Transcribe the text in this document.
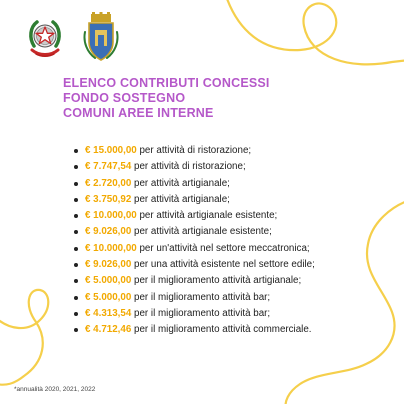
ELENCO CONTRIBUTI CONCESSI
FONDO SOSTEGNO
COMUNI AREE INTERNE
€ 15.000,00 per attività di ristorazione;
€ 7.747,54 per attività di ristorazione;
€ 2.720,00 per attività artigianale;
€ 3.750,92 per attività artigianale;
€ 10.000,00 per attività artigianale esistente;
€ 9.026,00 per attività artigianale esistente;
€ 10.000,00 per un'attività nel settore meccatronica;
€ 9.026,00 per una attività esistente nel settore edile;
€ 5.000,00 per il miglioramento attività artigianale;
€ 5.000,00 per il miglioramento attività bar;
€ 4.313,54 per il miglioramento attività bar;
€ 4.712,46 per il miglioramento attività commerciale.
*annualità 2020, 2021, 2022
